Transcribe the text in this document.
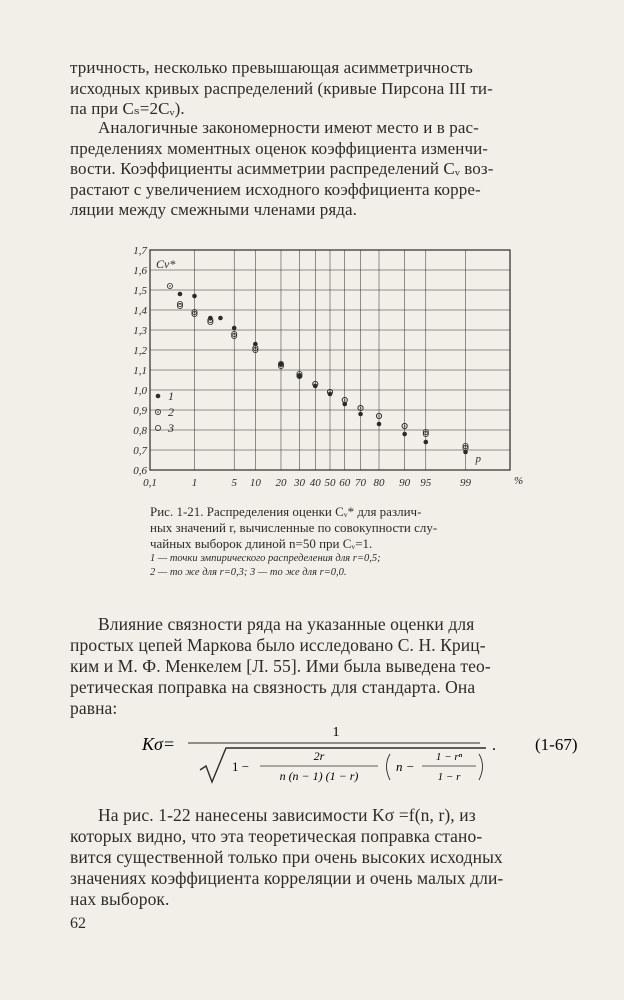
тричность, несколько превышающая асимметричность
исходных кривых распределений (кривые Пирсона III ти-
па при Cₛ=2Cᵥ).

Аналогичные закономерности имеют место и в рас-
пределениях моментных оценок коэффициента изменчи-
вости. Коэффициенты асимметрии распределений Cᵥ воз-
растают с увеличением исходного коэффициента корре-
ляции между смежными членами ряда.

1,7
1,6
1,5
1,4
1,3
1,2
1,1
1,0
0,9
0,8
0,7
0,6
0,1	1	5 10 20 30 40 50 60 70 80 90 95	99	%
Cv*
p
1
2
3
Рис. 1-21. Распределения оценки Cᵥ* для различ-
ных значений r, вычисленные по совокупности слу-
чайных выборок длиной n=50 при Cᵥ=1.
1 — точки эмпирического распределения для r=0,5;
2 — то же для r=0,3; 3 — то же для r=0,0.

Влияние связности ряда на указанные оценки для
простых цепей Маркова было исследовано С. Н. Криц-
ким и М. Ф. Менкелем [Л. 55]. Ими была выведена тео-
ретическая поправка на связность для стандарта. Она
равна:

Kσ=
1
1 −
2r
n (n − 1) (1 − r)
n −
1 − rⁿ
1 − r
. (1-67)

На рис. 1-22 нанесены зависимости Kσ =f(n, r), из
которых видно, что эта теоретическая поправка стано-
вится существенной только при очень высоких исходных
значениях коэффициента корреляции и очень малых дли-
нах выборок.

62
